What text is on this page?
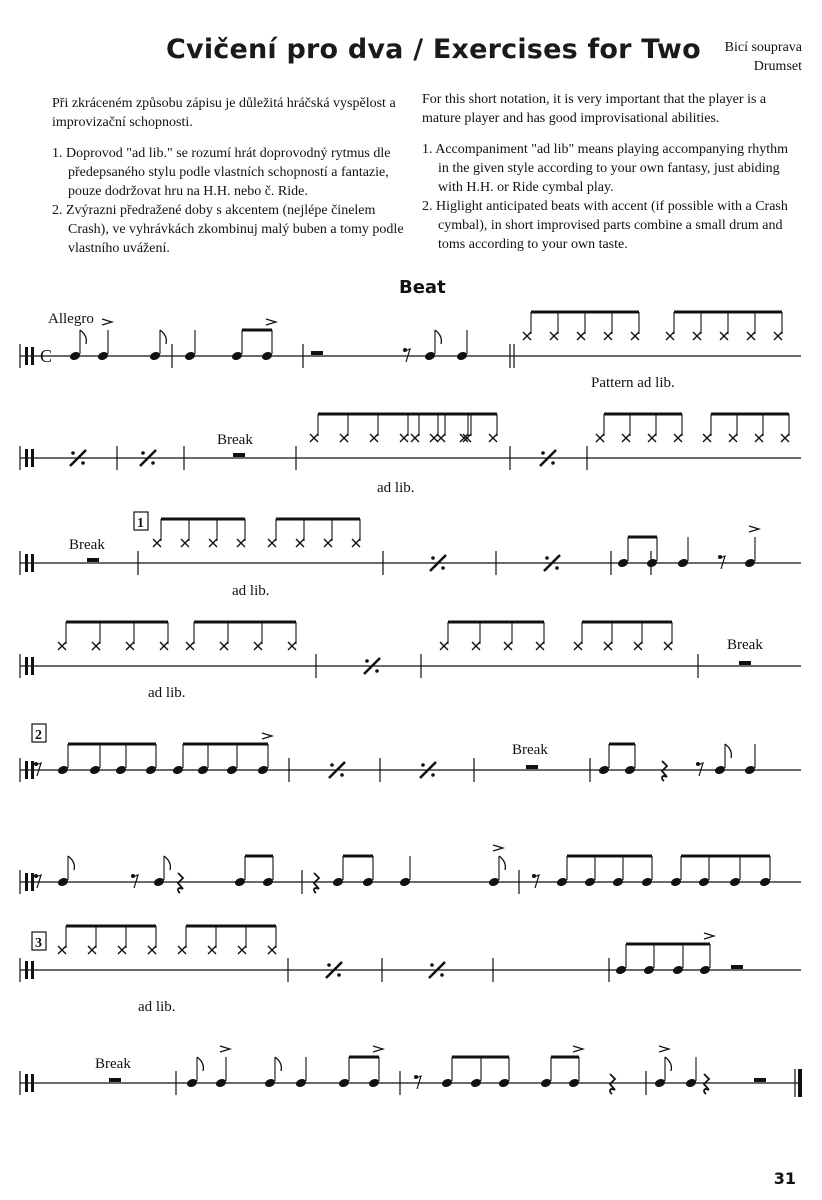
Cvičení pro dva / Exercises for Two Bicí souprava
Drumset

Při zkráceném způsobu zápisu je důležitá hráčská vyspělost a improvizační schopnosti.

1. Doprovod "ad lib." se rozumí hrát doprovodný rytmus dle předepsaného stylu podle vlastních schopností a fantazie, pouze dodržovat hru na H.H. nebo č. Ride.

2. Zvýrazni předražené doby s akcentem (nejlépe činelem Crash), ve vyhrávkách zkombinuj malý buben a tomy podle vlastního uvážení.

For this short notation, it is very important that the player is a mature player and has good improvisational abilities.

1. Accompaniment "ad lib" means playing accompanying rhythm in the given style according to your own fantasy, just abiding with H.H. or Ride cymbal play.

2. Higlight anticipated beats with accent (if possible with a Crash cymbal), in short improvised parts combine a small drum and toms according to your own taste.

Beat
C
Allegro
Pattern ad lib.
Break
ad lib.
Break
ad lib.
ad lib.
Break
Break
ad lib.
Break
1
2
3
31
